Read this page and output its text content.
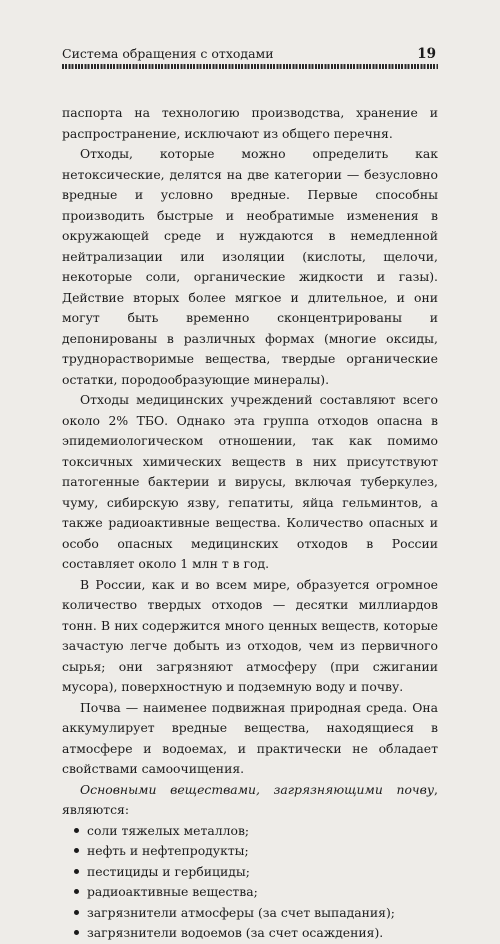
Система обращения с отходами	19

паспорта на технологию производства, хранение и распространение, исключают из общего перечня.

Отходы, которые можно определить как нетоксические, делятся на две категории — безусловно вредные и условно вредные. Первые способны производить быстрые и необратимые изменения в окружающей среде и нуждаются в немедленной нейтрализации или изоляции (кислоты, щелочи, некоторые соли, органические жидкости и газы). Действие вторых более мягкое и длительное, и они могут быть временно сконцентрированы и депонированы в различных формах (многие оксиды, труднорастворимые вещества, твердые органические остатки, породообразующие минералы).

Отходы медицинских учреждений составляют всего около 2% ТБО. Однако эта группа отходов опасна в эпидемиологическом отношении, так как помимо токсичных химических веществ в них присутствуют патогенные бактерии и вирусы, включая туберкулез, чуму, сибирскую язву, гепатиты, яйца гельминтов, а также радиоактивные вещества. Количество опасных и особо опасных медицинских отходов в России составляет около 1 млн т в год.

В России, как и во всем мире, образуется огромное количество твердых отходов — десятки миллиардов тонн. В них содержится много ценных веществ, которые зачастую легче добыть из отходов, чем из первичного сырья; они загрязняют атмосферу (при сжигании мусора), поверхностную и подземную воду и почву.

Почва — наименее подвижная природная среда. Она аккумулирует вредные вещества, находящиеся в атмосфере и водоемах, и практически не обладает свойствами самоочищения.

Основными веществами, загрязняющими почву, являются:

соли тяжелых металлов;
нефть и нефтепродукты;
пестициды и гербициды;
радиоактивные вещества;
загрязнители атмосферы (за счет выпадания);
загрязнители водоемов (за счет осаждения).
